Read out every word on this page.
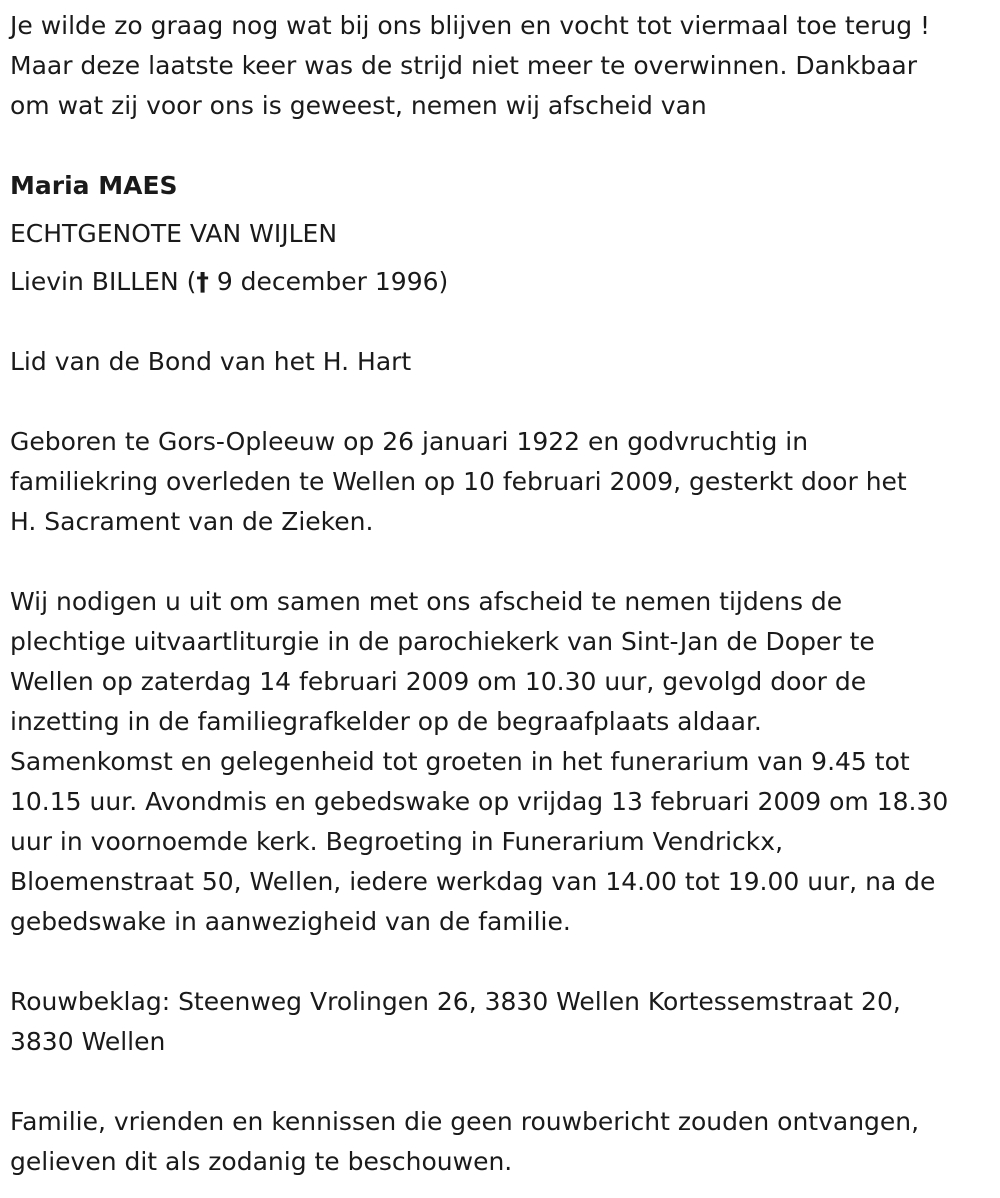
Je wilde zo graag nog wat bij ons blijven en vocht tot viermaal toe terug !
Maar deze laatste keer was de strijd niet meer te overwinnen. Dankbaar
om wat zij voor ons is geweest, nemen wij afscheid van

Maria MAES

ECHTGENOTE VAN WIJLEN

Lievin BILLEN († 9 december 1996)

Lid van de Bond van het H. Hart

Geboren te Gors-Opleeuw op 26 januari 1922 en godvruchtig in
familiekring overleden te Wellen op 10 februari 2009, gesterkt door het
H. Sacrament van de Zieken.

Wij nodigen u uit om samen met ons afscheid te nemen tijdens de
plechtige uitvaartliturgie in de parochiekerk van Sint-Jan de Doper te
Wellen op zaterdag 14 februari 2009 om 10.30 uur, gevolgd door de
inzetting in de familiegrafkelder op de begraafplaats aldaar.
Samenkomst en gelegenheid tot groeten in het funerarium van 9.45 tot
10.15 uur. Avondmis en gebedswake op vrijdag 13 februari 2009 om 18.30
uur in voornoemde kerk. Begroeting in Funerarium Vendrickx,
Bloemenstraat 50, Wellen, iedere werkdag van 14.00 tot 19.00 uur, na de
gebedswake in aanwezigheid van de familie.

Rouwbeklag: Steenweg Vrolingen 26, 3830 Wellen Kortessemstraat 20,
3830 Wellen

Familie, vrienden en kennissen die geen rouwbericht zouden ontvangen,
gelieven dit als zodanig te beschouwen.
